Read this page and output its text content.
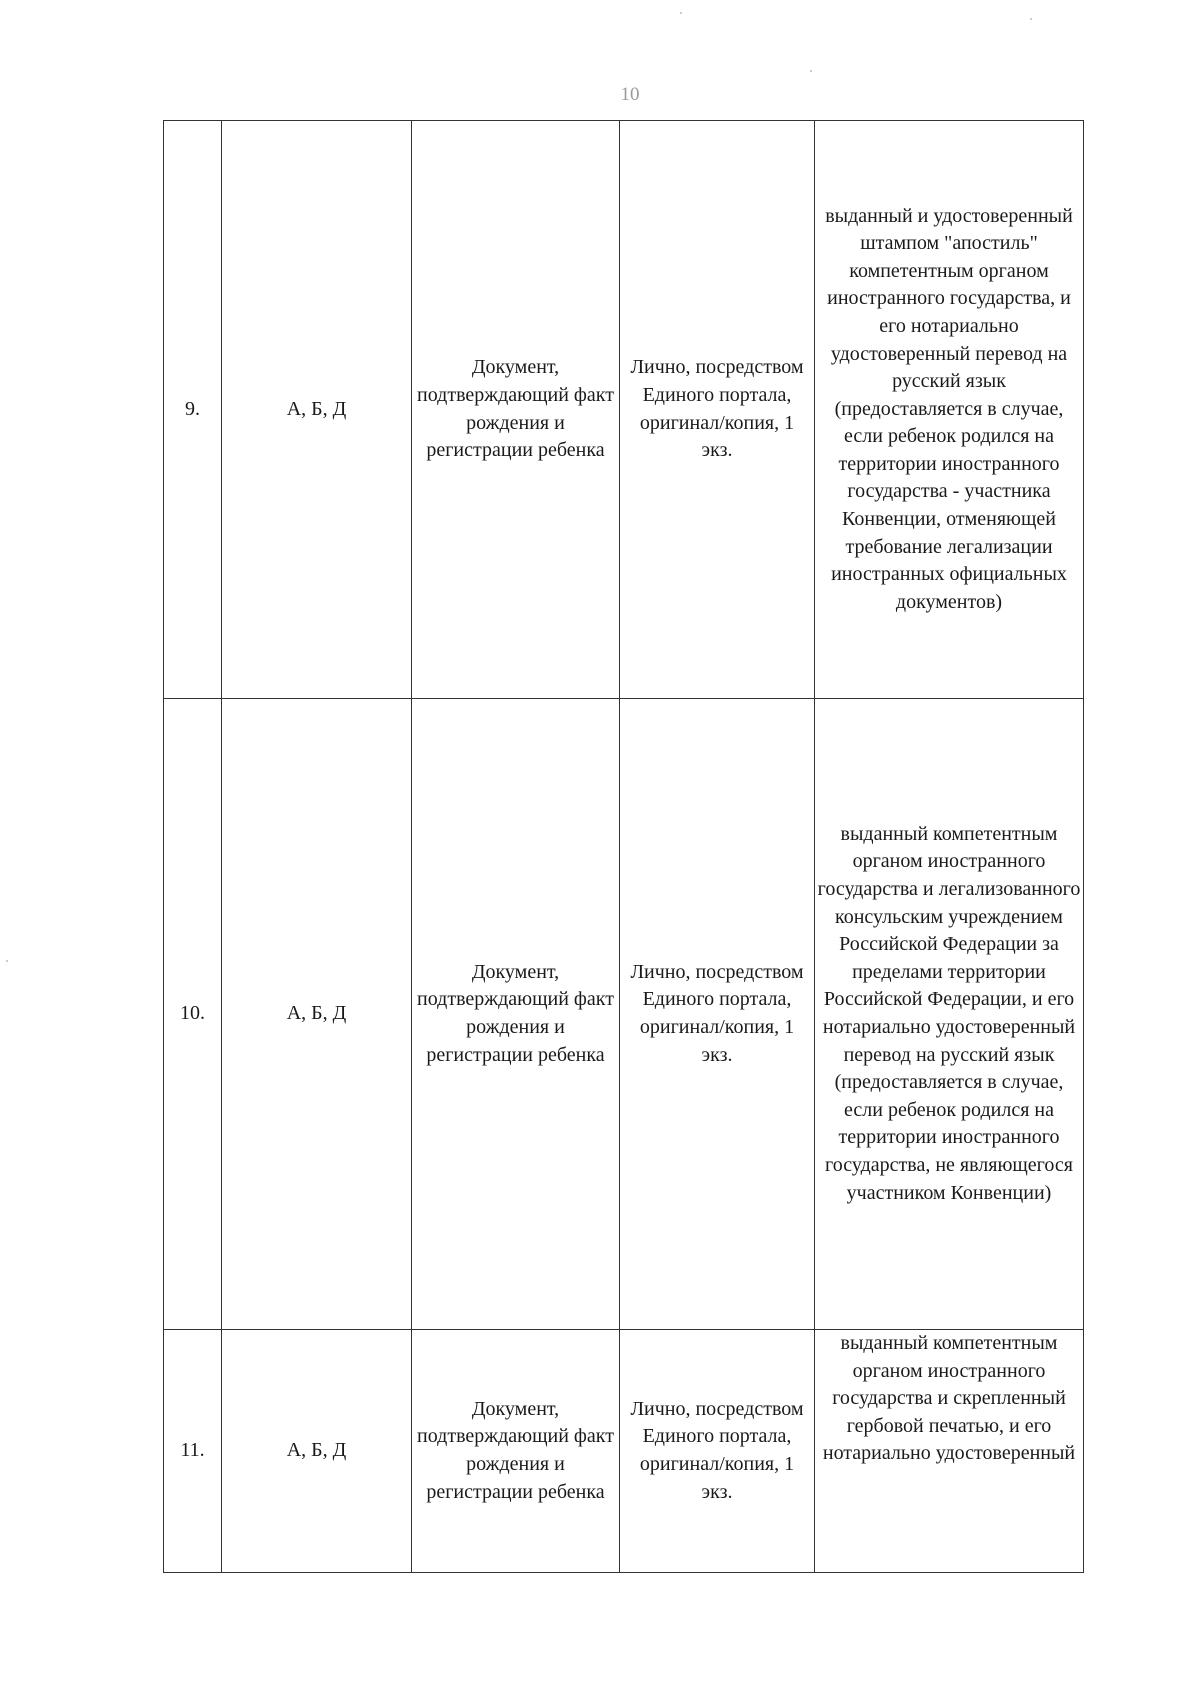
10
9.	А, Б, Д	Документ, подтверждающий факт рождения и регистрации ребенка	Лично, посредством Единого портала, оригинал/копия, 1 экз.	выданный и удостоверенный штампом "апостиль" компетентным органом иностранного государства, и его нотариально удостоверенный перевод на русский язык (предоставляется в случае, если ребенок родился на территории иностранного государства - участника Конвенции, отменяющей требование легализации иностранных официальных документов)
10.	А, Б, Д	Документ, подтверждающий факт рождения и регистрации ребенка	Лично, посредством Единого портала, оригинал/копия, 1 экз.	выданный компетентным органом иностранного государства и легализованного консульским учреждением Российской Федерации за пределами территории Российской Федерации, и его нотариально удостоверенный перевод на русский язык (предоставляется в случае, если ребенок родился на территории иностранного государства, не являющегося участником Конвенции)
11.	А, Б, Д	Документ, подтверждающий факт рождения и регистрации ребенка	Лично, посредством Единого портала, оригинал/копия, 1 экз.	выданный компетентным органом иностранного государства и скрепленный гербовой печатью, и его нотариально удостоверенный
